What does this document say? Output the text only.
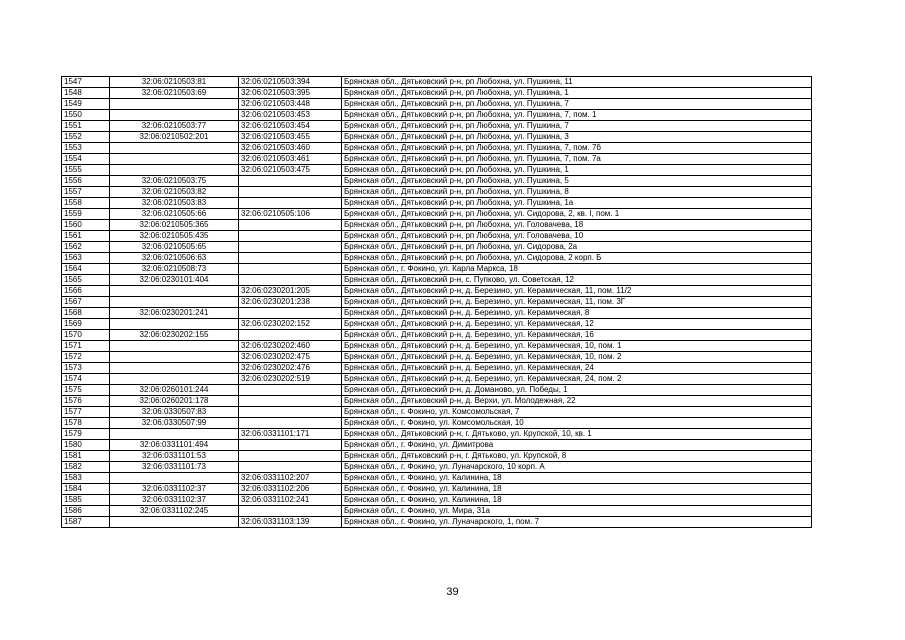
1547	32:06:0210503:81	32:06:0210503:394	Брянская обл., Дятьковский р-н, рп Любохна, ул. Пушкина, 11
1548	32:06:0210503:69	32:06:0210503:395	Брянская обл., Дятьковский р-н, рп Любохна, ул. Пушкина, 1
1549		32:06:0210503:448	Брянская обл., Дятьковский р-н, рп Любохна, ул. Пушкина, 7
1550		32:06:0210503:453	Брянская обл., Дятьковский р-н, рп Любохна, ул. Пушкина, 7, пом. 1
1551	32:06:0210503:77	32:06:0210503:454	Брянская обл., Дятьковский р-н, рп Любохна, ул. Пушкина, 7
1552	32:06:0210502:201	32:06:0210503:455	Брянская обл., Дятьковский р-н, рп Любохна, ул. Пушкина, 3
1553		32:06:0210503:460	Брянская обл., Дятьковский р-н, рп Любохна, ул. Пушкина, 7, пом. 7б
1554		32:06:0210503:461	Брянская обл., Дятьковский р-н, рп Любохна, ул. Пушкина, 7, пом. 7а
1555		32:06:0210503:475	Брянская обл., Дятьковский р-н, рп Любохна, ул. Пушкина, 1
1556	32:06:0210503:75		Брянская обл., Дятьковский р-н, рп Любохна, ул. Пушкина, 5
1557	32:06:0210503:82		Брянская обл., Дятьковский р-н, рп Любохна, ул. Пушкина, 8
1558	32:06:0210503:83		Брянская обл., Дятьковский р-н, рп Любохна, ул. Пушкина, 1а
1559	32:06:0210505:66	32:06:0210505:106	Брянская обл., Дятьковский р-н, рп Любохна, ул. Сидорова, 2, кв. I, пом. 1
1560	32:06:0210505:365		Брянская обл., Дятьковский р-н, рп Любохна, ул. Головачева, 18
1561	32:06:0210505:435		Брянская обл., Дятьковский р-н, рп Любохна, ул. Головачева, 10
1562	32:06:0210505:65		Брянская обл., Дятьковский р-н, рп Любохна, ул. Сидорова, 2а
1563	32:06:0210506:63		Брянская обл., Дятьковский р-н, рп Любохна, ул. Сидорова, 2 корп. Б
1564	32:06:0210508:73		Брянская обл., г. Фокино, ул. Карла Маркса, 18
1565	32:06:0230101:404		Брянская обл., Дятьковский р-н, с. Пупково, ул. Советская, 12
1566		32:06:0230201:205	Брянская обл., Дятьковский р-н, д. Березино, ул. Керамическая, 11, пом. 11/2
1567		32:06:0230201:238	Брянская обл., Дятьковский р-н, д. Березино, ул. Керамическая, 11, пом. 3Г
1568	32:06:0230201:241		Брянская обл., Дятьковский р-н, д. Березино, ул. Керамическая, 8
1569		32:06:0230202:152	Брянская обл., Дятьковский р-н, д. Березино, ул. Керамическая, 12
1570	32:06:0230202:155		Брянская обл., Дятьковский р-н, д. Березино, ул. Керамическая, 16
1571		32:06:0230202:460	Брянская обл., Дятьковский р-н, д. Березино, ул. Керамическая, 10, пом. 1
1572		32:06:0230202:475	Брянская обл., Дятьковский р-н, д. Березино, ул. Керамическая, 10, пом. 2
1573		32:06:0230202:476	Брянская обл., Дятьковский р-н, д. Березино, ул. Керамическая, 24
1574		32:06:0230202:519	Брянская обл., Дятьковский р-н, д. Березино, ул. Керамическая, 24, пом. 2
1575	32:06:0260101:244		Брянская обл., Дятьковский р-н, д. Доманово, ул. Победы, 1
1576	32:06:0260201:178		Брянская обл., Дятьковский р-н, д. Верхи, ул. Молодежная, 22
1577	32:06:0330507:83		Брянская обл., г. Фокино, ул. Комсомольская, 7
1578	32:06:0330507:99		Брянская обл., г. Фокино, ул. Комсомольская, 10
1579		32:06:0331101:171	Брянская обл., Дятьковский р-н, г. Дятьково, ул. Крупской, 10, кв. 1
1580	32:06:0331101:494		Брянская обл., г. Фокино, ул. Димитрова
1581	32:06:0331101:53		Брянская обл., Дятьковский р-н, г. Дятьково, ул. Крупской, 8
1582	32:06:0331101:73		Брянская обл., г. Фокино, ул. Луначарского, 10 корп. А
1583		32:06:0331102:207	Брянская обл., г. Фокино, ул. Калинина, 18
1584	32:06:0331102:37	32:06:0331102:206	Брянская обл., г. Фокино, ул. Калинина, 18
1585	32:06:0331102:37	32:06:0331102:241	Брянская обл., г. Фокино, ул. Калинина, 18
1586	32:06:0331102:245		Брянская обл., г. Фокино, ул. Мира, 31а
1587		32:06:0331103:139	Брянская обл., г. Фокино, ул. Луначарского, 1, пом. 7
39
